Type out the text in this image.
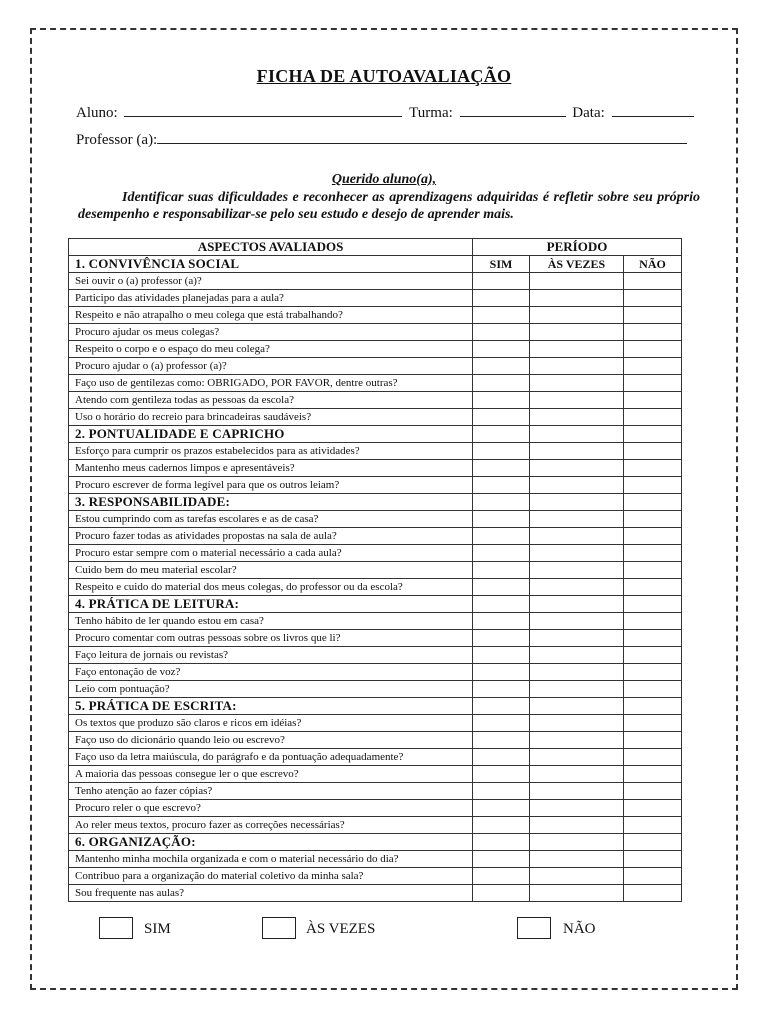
FICHA DE AUTOAVALIAÇÃO
Aluno:	Turma:	Data:
Professor (a):
Querido aluno(a),
Identificar suas dificuldades e reconhecer as aprendizagens adquiridas é refletir sobre seu próprio desempenho e responsabilizar-se pelo seu estudo e desejo de aprender mais.
ASPECTOS AVALIADOS	PERÍODO		
1. CONVIVÊNCIA SOCIAL	SIM	ÀS VEZES	NÃO
Sei ouvir o (a) professor (a)?			
Participo das atividades planejadas para a aula?			
Respeito e não atrapalho o meu colega que está trabalhando?			
Procuro ajudar os meus colegas?			
Respeito o corpo e o espaço do meu colega?			
Procuro ajudar o (a) professor (a)?			
Faço uso de gentilezas como: OBRIGADO, POR FAVOR, dentre outras?			
Atendo com gentileza todas as pessoas da escola?			
Uso o horário do recreio para brincadeiras saudáveis?			
2. PONTUALIDADE E CAPRICHO			
Esforço para cumprir os prazos estabelecidos para as atividades?			
Mantenho meus cadernos limpos e apresentáveis?			
Procuro escrever de forma legível para que os outros leiam?			
3. RESPONSABILIDADE:			
Estou cumprindo com as tarefas escolares e as de casa?			
Procuro fazer todas as atividades propostas na sala de aula?			
Procuro estar sempre com o material necessário a cada aula?			
Cuido bem do meu material escolar?			
Respeito e cuido do material dos meus colegas, do professor ou da escola?			
4. PRÁTICA DE LEITURA:			
Tenho hábito de ler quando estou em casa?			
Procuro comentar com outras pessoas sobre os livros que li?			
Faço leitura de jornais ou revistas?			
Faço entonação de voz?			
Leio com pontuação?			
5. PRÁTICA DE ESCRITA:			
Os textos que produzo são claros e ricos em idéias?			
Faço uso do dicionário quando leio ou escrevo?			
Faço uso da letra maiúscula, do parágrafo e da pontuação adequadamente?			
A maioria das pessoas consegue ler o que escrevo?			
Tenho atenção ao fazer cópias?			
Procuro reler o que escrevo?			
Ao reler meus textos, procuro fazer as correções necessárias?			
6. ORGANIZAÇÃO:			
Mantenho minha mochila organizada e com o material necessário do dia?			
Contribuo para a organização do material coletivo da minha sala?			
Sou frequente nas aulas?			
SIM	ÀS VEZES	NÃO
